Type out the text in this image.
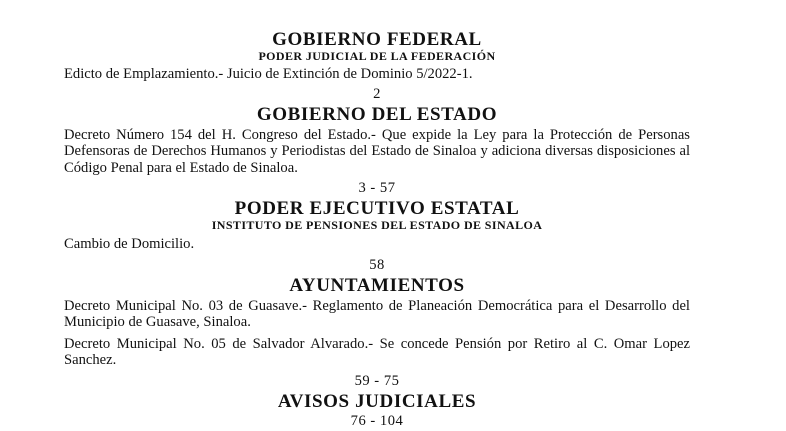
GOBIERNO FEDERAL
PODER JUDICIAL DE LA FEDERACIÓN

Edicto de Emplazamiento.- Juicio de Extinción de Dominio 5/2022-1.

2
GOBIERNO DEL ESTADO

Decreto Número 154 del H. Congreso del Estado.- Que expide la Ley para la Protección de Personas Defensoras de Derechos Humanos y Periodistas del Estado de Sinaloa y adiciona diversas disposiciones al Código Penal para el Estado de Sinaloa.

3 - 57
PODER EJECUTIVO ESTATAL
INSTITUTO DE PENSIONES DEL ESTADO DE SINALOA

Cambio de Domicilio.

58
AYUNTAMIENTOS

Decreto Municipal No. 03 de Guasave.- Reglamento de Planeación Democrática para el Desarrollo del Municipio de Guasave, Sinaloa.

Decreto Municipal No. 05 de Salvador Alvarado.- Se concede Pensión por Retiro al C. Omar Lopez Sanchez.

59 - 75
AVISOS JUDICIALES
76 - 104
